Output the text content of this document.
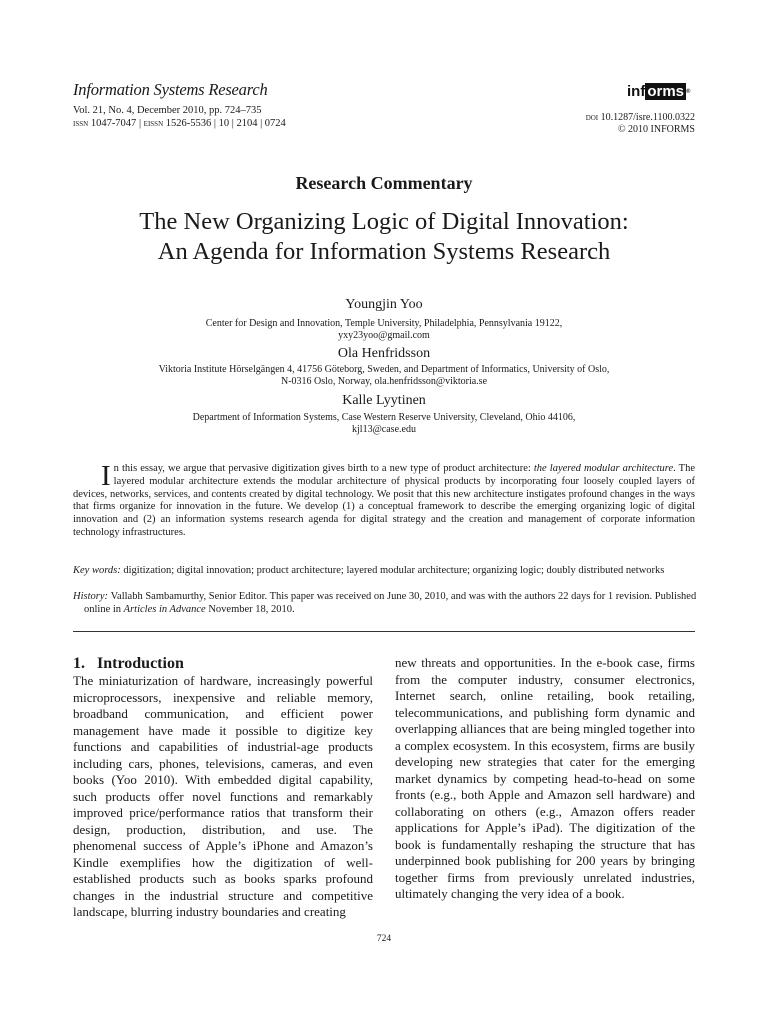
Information Systems Research
Vol. 21, No. 4, December 2010, pp. 724–735
issn 1047-7047 | eissn 1526-5536 | 10 | 2104 | 0724
inf orms ®
doi 10.1287/isre.1100.0322
© 2010 INFORMS
Research Commentary
The New Organizing Logic of Digital Innovation:
An Agenda for Information Systems Research
Youngjin Yoo
Center for Design and Innovation, Temple University, Philadelphia, Pennsylvania 19122,
yxy23yoo@gmail.com
Ola Henfridsson
Viktoria Institute Hörselgängen 4, 41756 Göteborg, Sweden, and Department of Informatics, University of Oslo,
N-0316 Oslo, Norway, ola.henfridsson@viktoria.se
Kalle Lyytinen
Department of Information Systems, Case Western Reserve University, Cleveland, Ohio 44106,
kjl13@case.edu
In this essay, we argue that pervasive digitization gives birth to a new type of product architecture: the layered modular architecture. The layered modular architecture extends the modular architecture of physical products by incorporating four loosely coupled layers of devices, networks, services, and contents created by digital technology. We posit that this new architecture instigates profound changes in the ways that firms organize for innovation in the future. We develop (1) a conceptual framework to describe the emerging organizing logic of digital innovation and (2) an information systems research agenda for digital strategy and the creation and management of corporate information technology infrastructures.
Key words: digitization; digital innovation; product architecture; layered modular architecture; organizing logic; doubly distributed networks
History: Vallabh Sambamurthy, Senior Editor. This paper was received on June 30, 2010, and was with the authors 22 days for 1 revision. Published online in Articles in Advance November 18, 2010.
1.   Introduction
The miniaturization of hardware, increasingly powerful microprocessors, inexpensive and reliable memory, broadband communication, and efficient power management have made it possible to digitize key functions and capabilities of industrial-age products including cars, phones, televisions, cameras, and even books (Yoo 2010). With embedded digital capability, such products offer novel functions and remarkably improved price/performance ratios that transform their design, production, distribution, and use. The phenomenal success of Apple’s iPhone and Amazon’s Kindle exemplifies how the digitization of well-established products such as books sparks profound changes in the industrial structure and competitive landscape, blurring industry boundaries and creating
new threats and opportunities. In the e-book case, firms from the computer industry, consumer electronics, Internet search, online retailing, book retailing, telecommunications, and publishing form dynamic and overlapping alliances that are being mingled together into a complex ecosystem. In this ecosystem, firms are busily developing new strategies that cater for the emerging market dynamics by competing head-to-head on some fronts (e.g., both Apple and Amazon sell hardware) and collaborating on others (e.g., Amazon offers reader applications for Apple’s iPad). The digitization of the book is fundamentally reshaping the structure that has underpinned book publishing for 200 years by bringing together firms from previously unrelated industries, ultimately changing the very idea of a book.
724
